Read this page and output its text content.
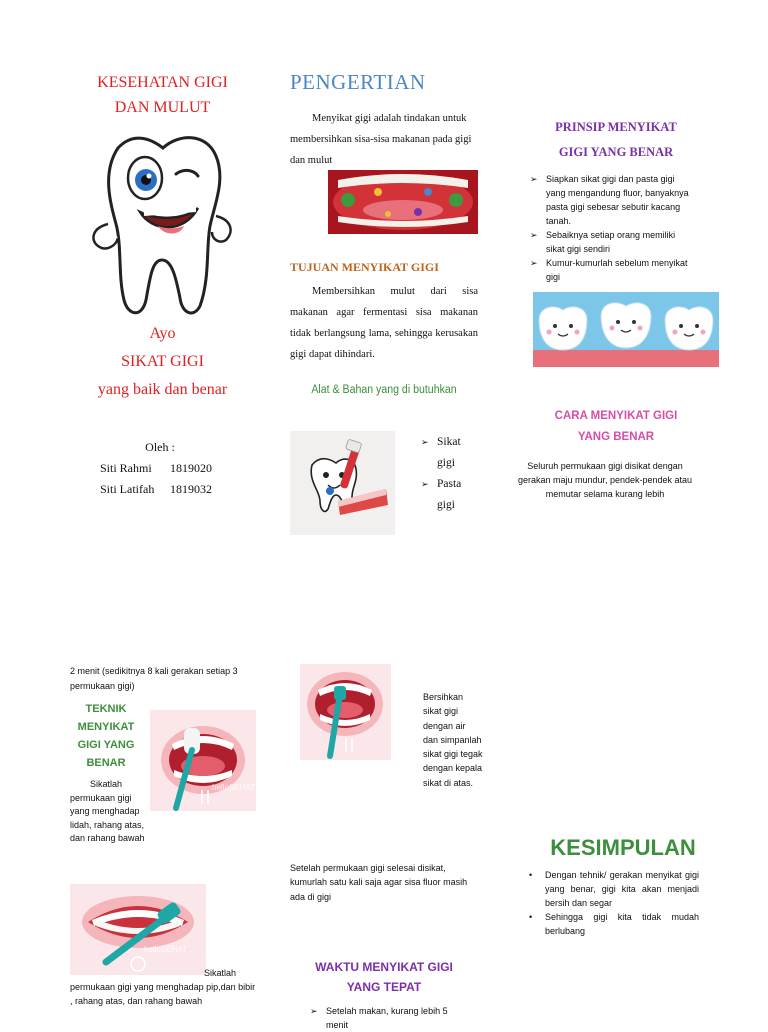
KESEHATAN GIGI
DAN MULUT
Ayo
SIKAT GIGI
yang baik dan benar
Oleh :
Siti Rahmi	1819020
Siti Latifah	1819032
PENGERTIAN
Menyikat gigi adalah tindakan untuk membersihkan sisa-sisa makanan pada gigi dan mulut
TUJUAN MENYIKAT GIGI
Membersihkan mulut dari sisa makanan agar fermentasi sisa makanan tidak berlangsung lama, sehingga kerusakan gigi dapat dihindari.
Alat & Bahan yang di butuhkan
➢ Sikat gigi
➢ Pasta gigi
PRINSIP MENYIKAT
GIGI YANG BENAR
➢ Siapkan sikat gigi dan pasta gigi yang mengandung fluor, banyaknya pasta gigi sebesar sebutir kacang tanah.
➢ Sebaiknya setiap orang memiliki sikat gigi sendiri
➢ Kumur-kumurlah sebelum menyikat gigi
CARA MENYIKAT GIGI
YANG BENAR
Seluruh permukaan gigi disikat dengan gerakan maju mundur, pendek-pendek atau memutar selama kurang lebih
2 menit (sedikitnya 8 kali gerakan setiap 3 permukaan gigi)
TEKNIK
MENYIKAT
GIGI YANG
BENAR
helloSEHAT
Sikatlah permukaan gigi yang menghadap lidah, rahang atas, dan rahang bawah
helloSEHAT
Sikatlah permukaan gigi yang menghadap pip,dan bibir , rahang atas, dan rahang bawah
Bersihkan sikat gigi dengan air dan simpanlah sikat gigi tegak dengan kepala sikat di atas.
Setelah permukaan gigi selesai disikat, kumurlah satu kali saja agar sisa fluor masih ada di gigi
WAKTU MENYIKAT GIGI
YANG TEPAT
➢ Setelah makan, kurang lebih 5 menit
KESIMPULAN
• Dengan tehnik/ gerakan menyikat gigi yang benar, gigi kita akan menjadi bersih dan segar
• Sehingga gigi kita tidak mudah berlubang
